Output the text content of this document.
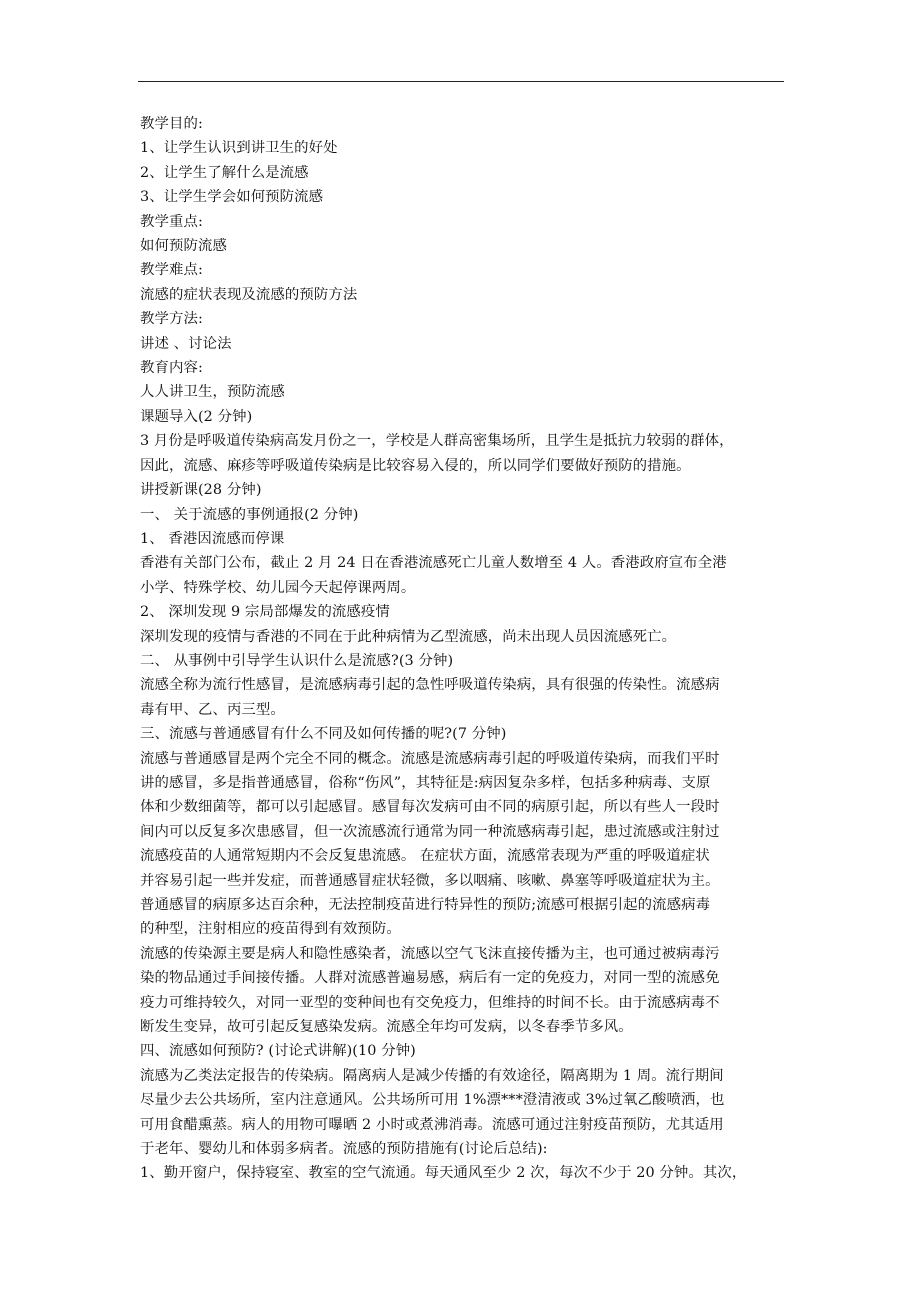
教学目的:
1、让学生认识到讲卫生的好处
2、让学生了解什么是流感
3、让学生学会如何预防流感
教学重点:
如何预防流感
教学难点:
流感的症状表现及流感的预防方法
教学方法:
讲述 、讨论法
教育内容:
人人讲卫生，预防流感
课题导入(2 分钟)
3 月份是呼吸道传染病高发月份之一，学校是人群高密集场所，且学生是抵抗力较弱的群体，
因此，流感、麻疹等呼吸道传染病是比较容易入侵的，所以同学们要做好预防的措施。
讲授新课(28 分钟)
一、 关于流感的事例通报(2 分钟)
1、 香港因流感而停课
香港有关部门公布，截止 2 月 24 日在香港流感死亡儿童人数增至 4 人。香港政府宣布全港
小学、特殊学校、幼儿园今天起停课两周。
2、 深圳发现 9 宗局部爆发的流感疫情
深圳发现的疫情与香港的不同在于此种病情为乙型流感，尚未出现人员因流感死亡。
二、 从事例中引导学生认识什么是流感?(3 分钟)
流感全称为流行性感冒，是流感病毒引起的急性呼吸道传染病，具有很强的传染性。流感病
毒有甲、乙、丙三型。
三、流感与普通感冒有什么不同及如何传播的呢?(7 分钟)
流感与普通感冒是两个完全不同的概念。流感是流感病毒引起的呼吸道传染病，而我们平时
讲的感冒，多是指普通感冒，俗称“伤风”，其特征是:病因复杂多样，包括多种病毒、支原
体和少数细菌等，都可以引起感冒。感冒每次发病可由不同的病原引起，所以有些人一段时
间内可以反复多次患感冒，但一次流感流行通常为同一种流感病毒引起，患过流感或注射过
流感疫苗的人通常短期内不会反复患流感。 在症状方面，流感常表现为严重的呼吸道症状
并容易引起一些并发症，而普通感冒症状轻微，多以咽痛、咳嗽、鼻塞等呼吸道症状为主。
普通感冒的病原多达百余种，无法控制疫苗进行特异性的预防;流感可根据引起的流感病毒
的种型，注射相应的疫苗得到有效预防。
流感的传染源主要是病人和隐性感染者，流感以空气飞沫直接传播为主，也可通过被病毒污
染的物品通过手间接传播。人群对流感普遍易感，病后有一定的免疫力，对同一型的流感免
疫力可维持较久，对同一亚型的变种间也有交免疫力，但维持的时间不长。由于流感病毒不
断发生变异，故可引起反复感染发病。流感全年均可发病，以冬春季节多风。
四、流感如何预防? (讨论式讲解)(10 分钟)
流感为乙类法定报告的传染病。隔离病人是减少传播的有效途径，隔离期为 1 周。流行期间
尽量少去公共场所，室内注意通风。公共场所可用 1%漂***澄清液或 3%过氧乙酸喷洒，也
可用食醋熏蒸。病人的用物可曝晒 2 小时或煮沸消毒。流感可通过注射疫苗预防，尤其适用
于老年、婴幼儿和体弱多病者。流感的预防措施有(讨论后总结):
1、勤开窗户，保持寝室、教室的空气流通。每天通风至少 2 次，每次不少于 20 分钟。其次，
